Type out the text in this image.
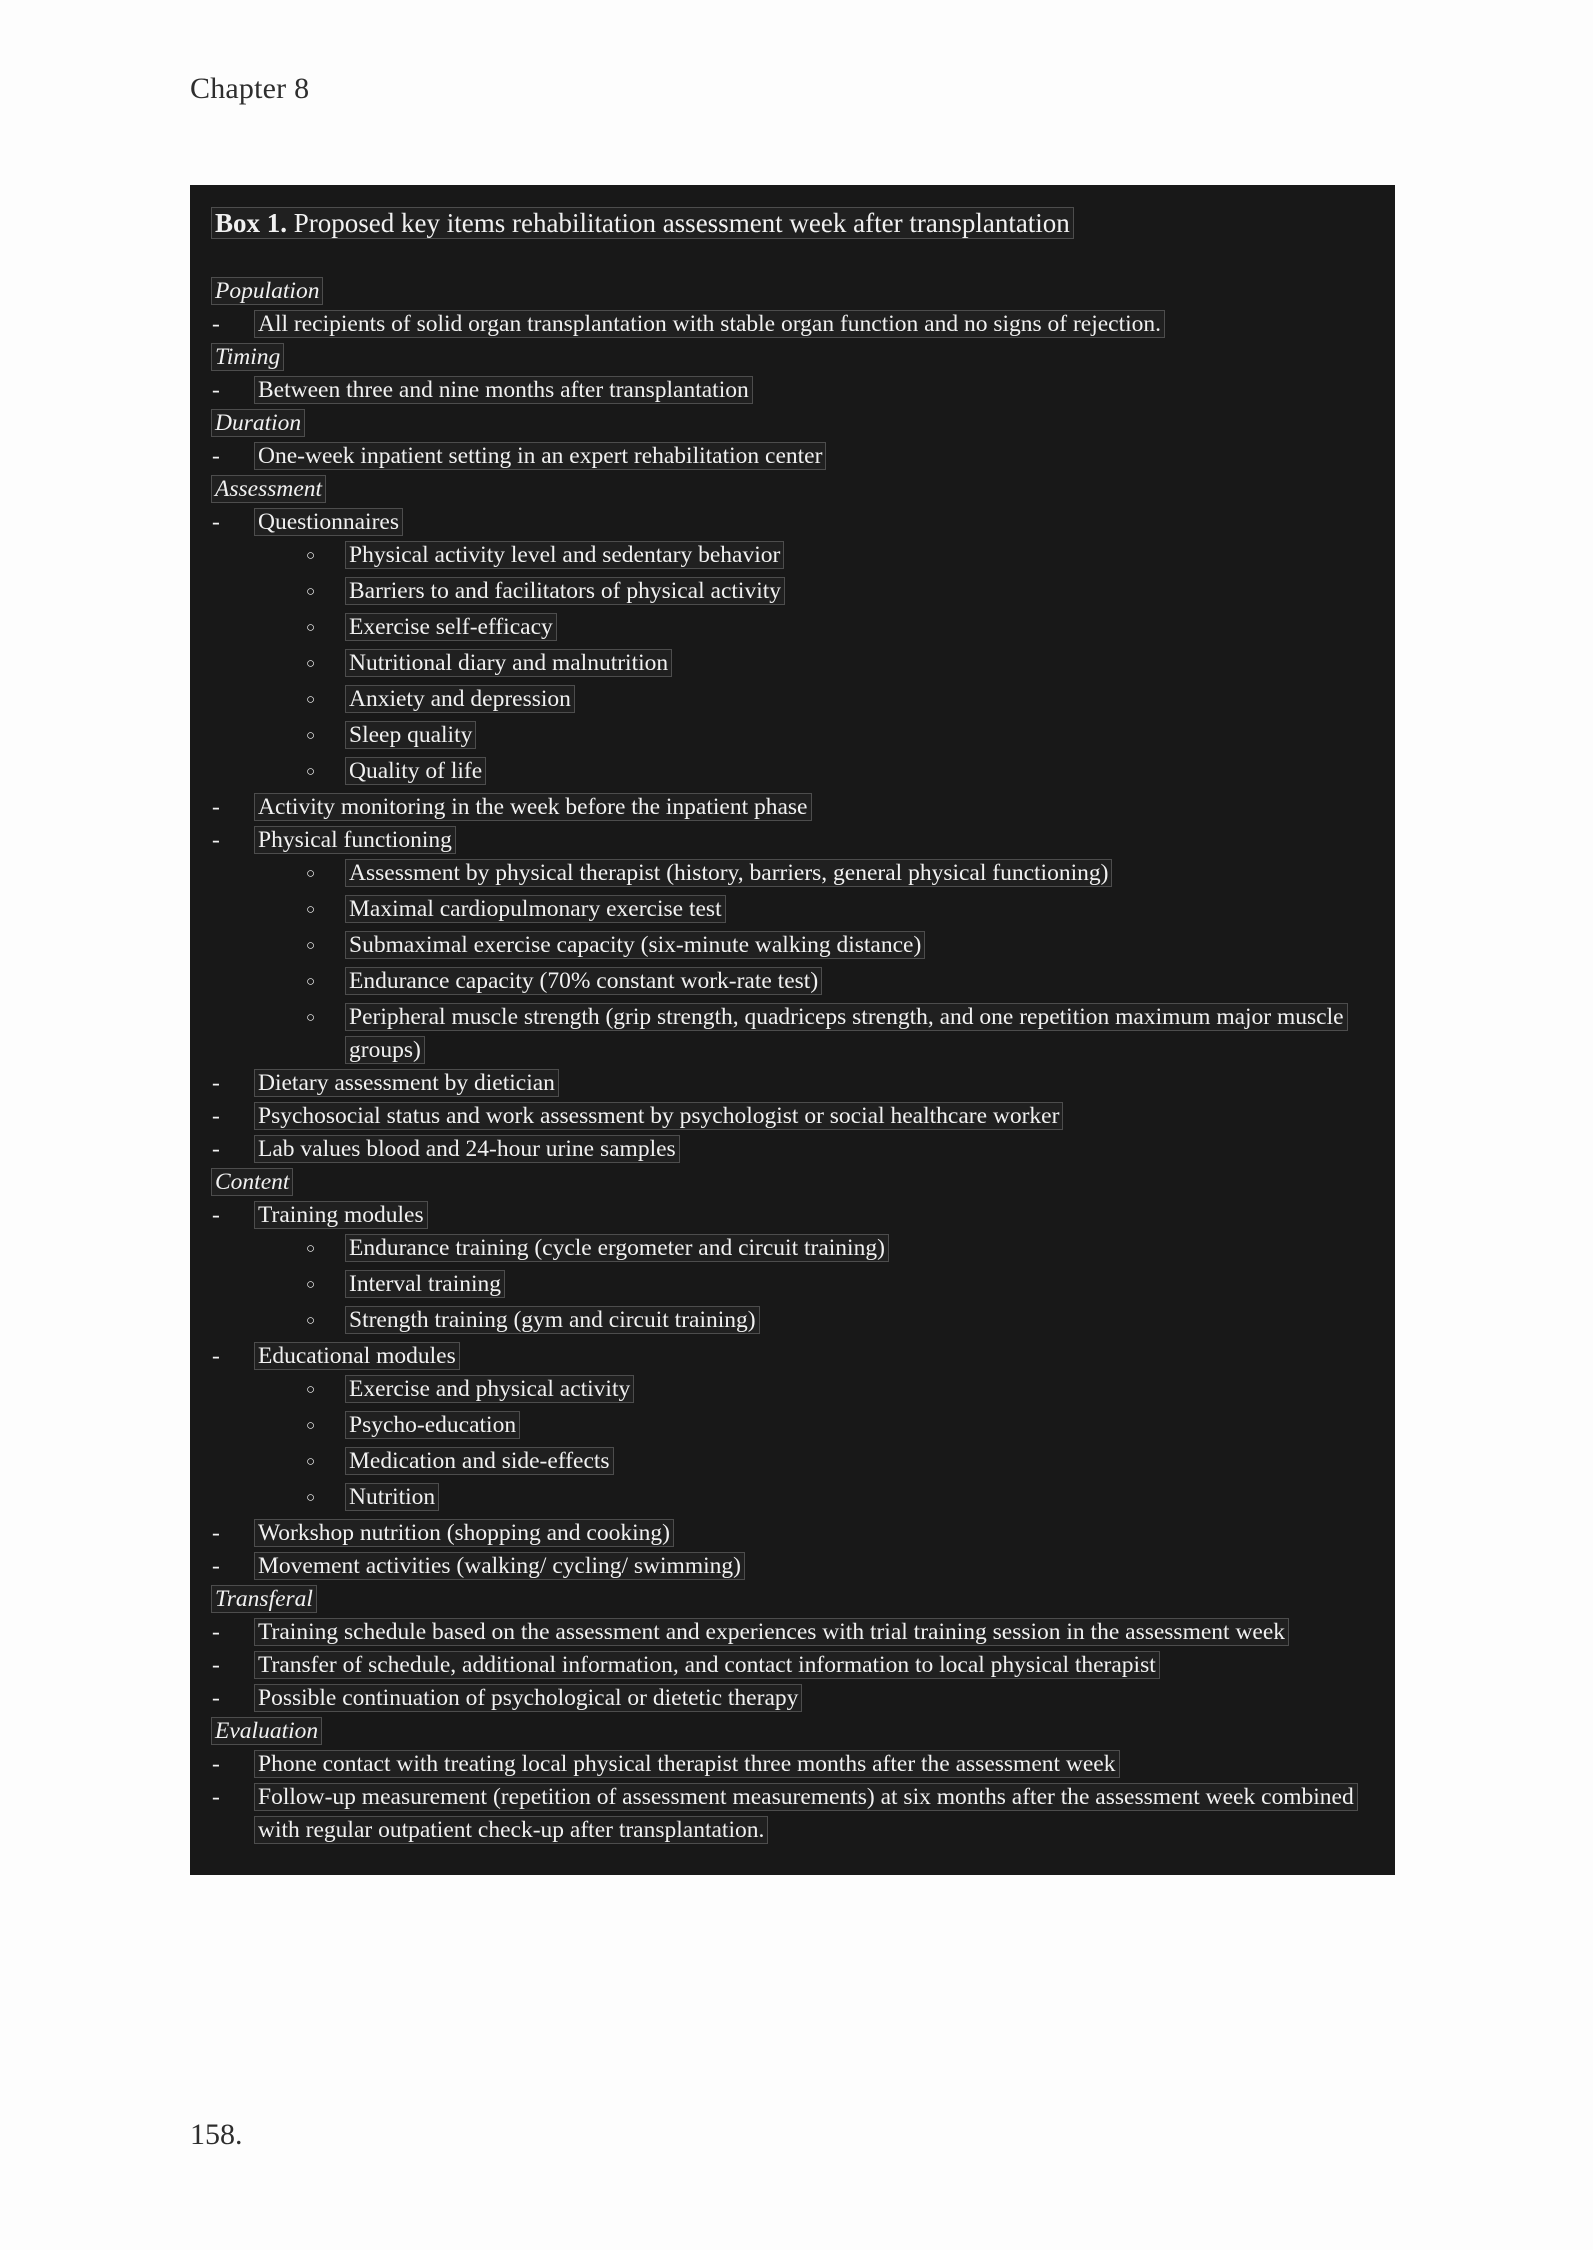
Chapter 8
Box 1. Proposed key items rehabilitation assessment week after transplantation
Population
-	All recipients of solid organ transplantation with stable organ function and no signs of rejection.
Timing
-	Between three and nine months after transplantation
Duration
-	One-week inpatient setting in an expert rehabilitation center
Assessment
-	Questionnaires
○	Physical activity level and sedentary behavior
○	Barriers to and facilitators of physical activity
○	Exercise self-efficacy
○	Nutritional diary and malnutrition
○	Anxiety and depression
○	Sleep quality
○	Quality of life
-	Activity monitoring in the week before the inpatient phase
-	Physical functioning
○	Assessment by physical therapist (history, barriers, general physical functioning)
○	Maximal cardiopulmonary exercise test
○	Submaximal exercise capacity (six-minute walking distance)
○	Endurance capacity (70% constant work-rate test)
○	Peripheral muscle strength (grip strength, quadriceps strength, and one repetition maximum major muscle groups)
-	Dietary assessment by dietician
-	Psychosocial status and work assessment by psychologist or social healthcare worker
-	Lab values blood and 24-hour urine samples
Content
-	Training modules
○	Endurance training (cycle ergometer and circuit training)
○	Interval training
○	Strength training (gym and circuit training)
-	Educational modules
○	Exercise and physical activity
○	Psycho-education
○	Medication and side-effects
○	Nutrition
-	Workshop nutrition (shopping and cooking)
-	Movement activities (walking/ cycling/ swimming)
Transferal
-	Training schedule based on the assessment and experiences with trial training session in the assessment week
-	Transfer of schedule, additional information, and contact information to local physical therapist
-	Possible continuation of psychological or dietetic therapy
Evaluation
-	Phone contact with treating local physical therapist three months after the assessment week
-	Follow-up measurement (repetition of assessment measurements) at six months after the assessment week combined with regular outpatient check-up after transplantation.
158.
